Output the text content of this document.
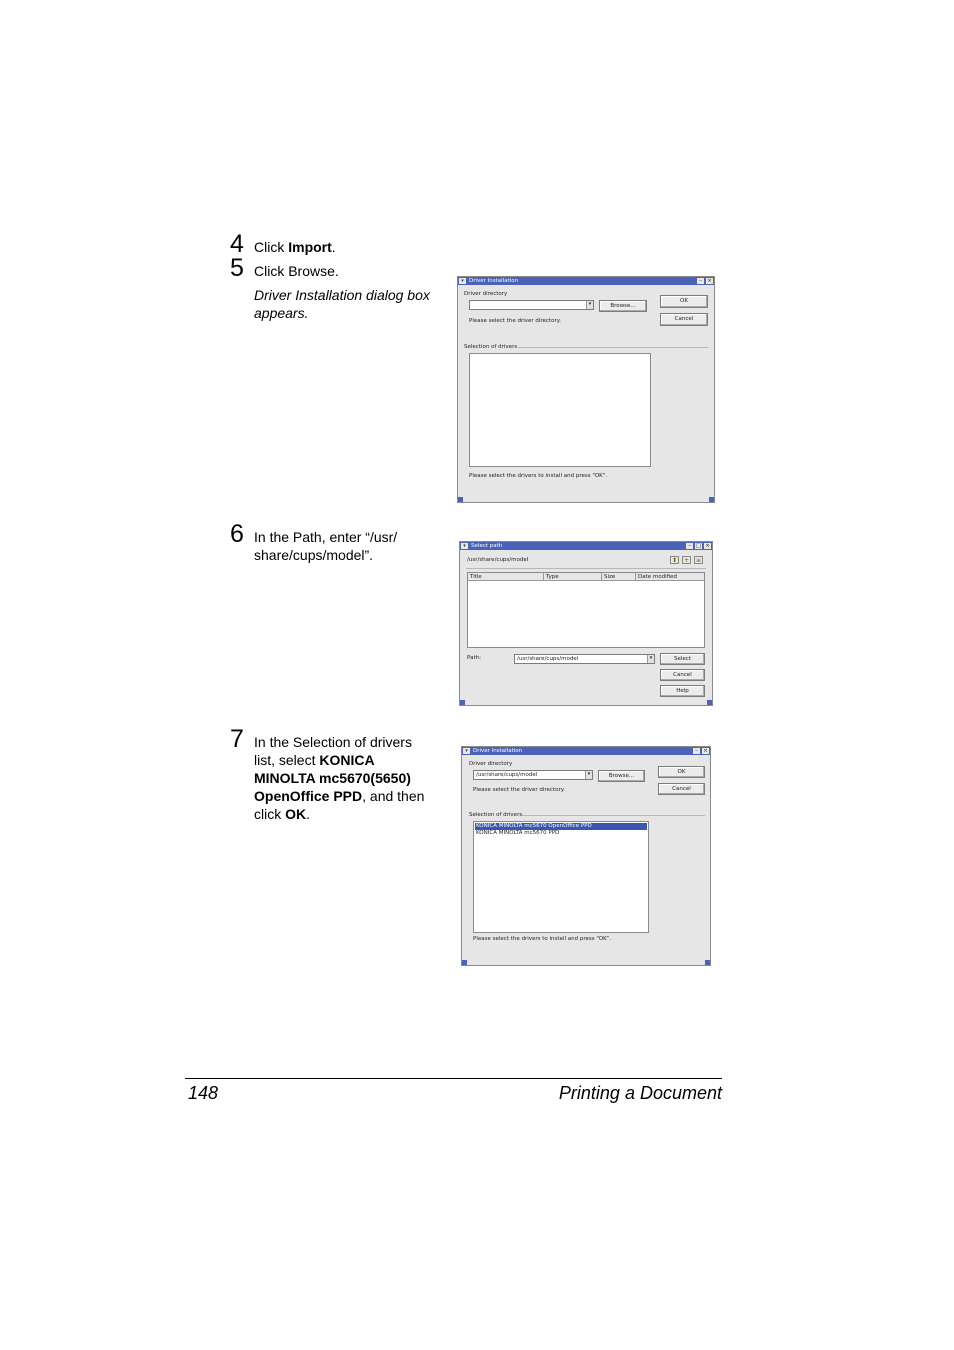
4 Click Import.
5 Click Browse.
Driver Installation dialog box appears.
▾ Driver Installation	– ×
Driver directory
▾	Browse...
OK
Cancel
Please select the driver directory.
Selection of drivers
Please select the drivers to install and press "OK".
6 In the Path, enter “/usr/
share/cups/model”.
▾ Select path	– □ ×
/usr/share/cups/model	⬆	+	≡
Title	Type	Size	Date modified
Path:	/usr/share/cups/model	▾	Select
Cancel
Help
7 In the Selection of drivers
list, select KONICA
MINOLTA mc5670(5650)
OpenOffice PPD, and then
click OK.
▾ Driver Installation	– ×
Driver directory
/usr/share/cups/model	▾	Browse...
OK
Cancel
Please select the driver directory.
Selection of drivers
KONICA MINOLTA mc5670 OpenOffice PPD
KONICA MINOLTA mc5670 PPD
Please select the drivers to install and press "OK".
148	Printing a Document
